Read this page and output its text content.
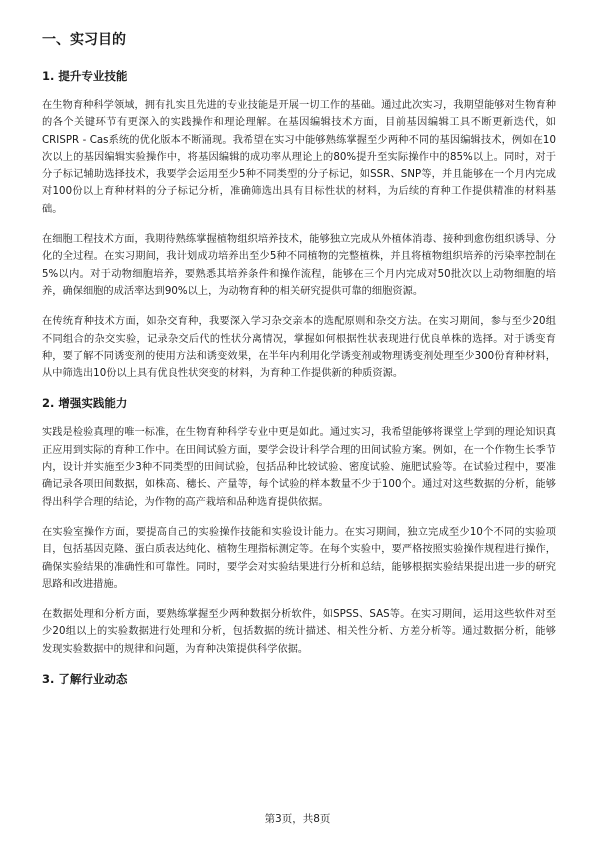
一、实习目的
1. 提升专业技能

在生物育种科学领域，拥有扎实且先进的专业技能是开展一切工作的基础。通过此次实习，我期望能够对生物育种的各个关键环节有更深入的实践操作和理论理解。在基因编辑技术方面，目前基因编辑工具不断更新迭代，如CRISPR - Cas系统的优化版本不断涌现。我希望在实习中能够熟练掌握至少两种不同的基因编辑技术，例如在10次以上的基因编辑实验操作中，将基因编辑的成功率从理论上的80%提升至实际操作中的85%以上。同时，对于分子标记辅助选择技术，我要学会运用至少5种不同类型的分子标记，如SSR、SNP等，并且能够在一个月内完成对100份以上育种材料的分子标记分析，准确筛选出具有目标性状的材料，为后续的育种工作提供精准的材料基础。

在细胞工程技术方面，我期待熟练掌握植物组织培养技术，能够独立完成从外植体消毒、接种到愈伤组织诱导、分化的全过程。在实习期间，我计划成功培养出至少5种不同植物的完整植株，并且将植物组织培养的污染率控制在5%以内。对于动物细胞培养，要熟悉其培养条件和操作流程，能够在三个月内完成对50批次以上动物细胞的培养，确保细胞的成活率达到90%以上，为动物育种的相关研究提供可靠的细胞资源。

在传统育种技术方面，如杂交育种，我要深入学习杂交亲本的选配原则和杂交方法。在实习期间，参与至少20组不同组合的杂交实验，记录杂交后代的性状分离情况，掌握如何根据性状表现进行优良单株的选择。对于诱变育种，要了解不同诱变剂的使用方法和诱变效果，在半年内利用化学诱变剂或物理诱变剂处理至少300份育种材料，从中筛选出10份以上具有优良性状突变的材料，为育种工作提供新的种质资源。

2. 增强实践能力

实践是检验真理的唯一标准，在生物育种科学专业中更是如此。通过实习，我希望能够将课堂上学到的理论知识真正应用到实际的育种工作中。在田间试验方面，要学会设计科学合理的田间试验方案。例如，在一个作物生长季节内，设计并实施至少3种不同类型的田间试验，包括品种比较试验、密度试验、施肥试验等。在试验过程中，要准确记录各项田间数据，如株高、穗长、产量等，每个试验的样本数量不少于100个。通过对这些数据的分析，能够得出科学合理的结论，为作物的高产栽培和品种选育提供依据。

在实验室操作方面，要提高自己的实验操作技能和实验设计能力。在实习期间，独立完成至少10个不同的实验项目，包括基因克隆、蛋白质表达纯化、植物生理指标测定等。在每个实验中，要严格按照实验操作规程进行操作，确保实验结果的准确性和可靠性。同时，要学会对实验结果进行分析和总结，能够根据实验结果提出进一步的研究思路和改进措施。

在数据处理和分析方面，要熟练掌握至少两种数据分析软件，如SPSS、SAS等。在实习期间，运用这些软件对至少20组以上的实验数据进行处理和分析，包括数据的统计描述、相关性分析、方差分析等。通过数据分析，能够发现实验数据中的规律和问题，为育种决策提供科学依据。

3. 了解行业动态
第3页，共8页
